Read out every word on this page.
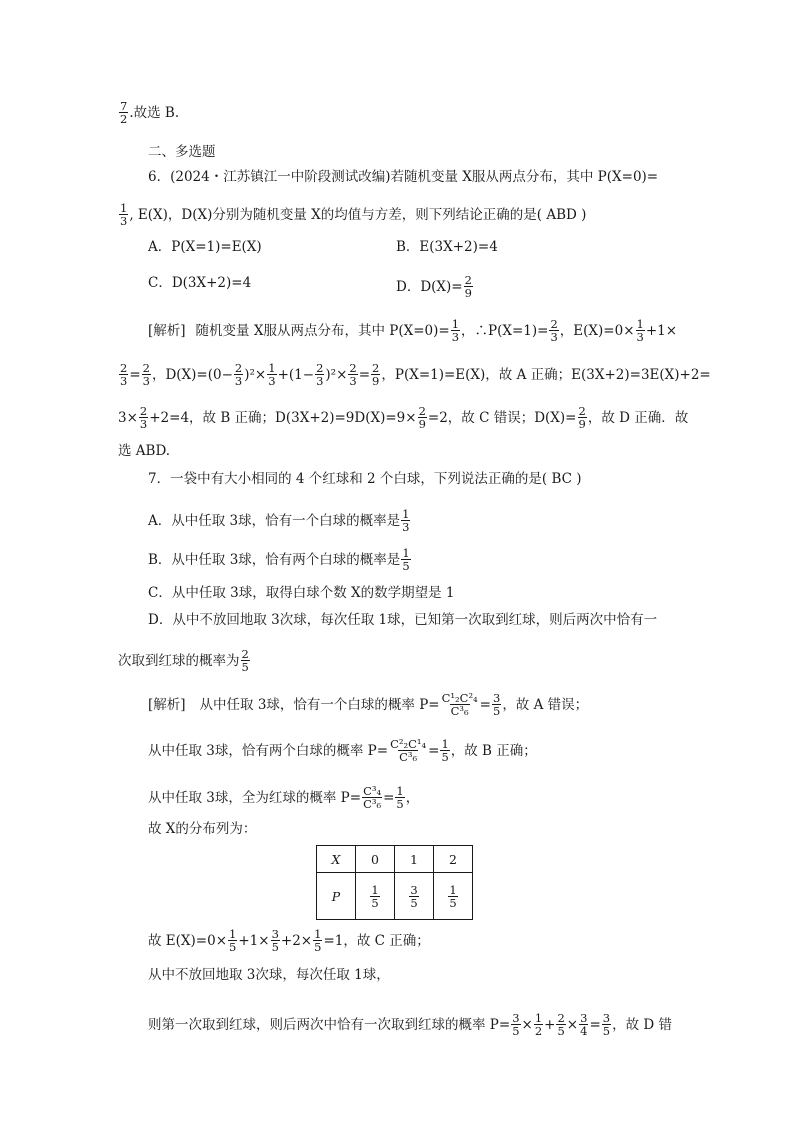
$\frac{7}{2}$ .故选 B.
二、多选题
6．(2024・江苏镇江一中阶段测试改编)若随机变量 X服从两点分布，其中 P(X=0)=
$\frac{1}{3}$ , E(X)，D(X)分别为随机变量 X的均值与方差，则下列结论正确的是( ABD )
A．P(X=1)=E(X)	B．E(3X+2)=4
C．D(3X+2)=4	D．$D(X)= \frac{2}{9}$
[解析] 随机变量 X服从两点分布，其中 $P(X=0)= \frac{1}{3}$ ，∴P(X=1)= $\frac{2}{3}$ ，$E(X)=0\times \frac{1}{3} +1\times$
$\frac{2}{3} = \frac{2}{3}$ ，$D(X)=(0- \frac{2}{3} )^2\times \frac{1}{3} +(1- \frac{2}{3} )^2\times \frac{2}{3} = \frac{2}{9}$ ，P(X=1)=E(X)，故 A 正确 ；E(3X+2)=3E(X)+2=
$3\times \frac{2}{3} +2=4$，故 B 正确；$D(3X+2)=9D(X)=9\times \frac{2}{9} =2$，故 C 错误；$D(X)= \frac{2}{9}$ ，故 D 正确．故
选 ABD.
7．一袋中有大小相同的 4 个红球和 2 个白球，下列说法正确的是( BC )
A．从中任取 3球，恰有一个白球的概率是 $\frac{1}{3}$
B．从中任取 3球，恰有两个白球的概率是 $\frac{1}{5}$
C．从中任取 3球，取得白球个数 X的数学期望是 1
D．从中不放回地取 3次球，每次任取 1球，已知第一次取到红球，则后两次中恰有一
次取到红球的概率为 $\frac{2}{5}$
[解析] 从中任取 3球，恰有一个白球的概率 $P= \frac{\text{C¹₂C²₄}}{\text{C³₆}} = \frac{3}{5}$ ，故 A 错误；
从中任取 3球，恰有两个白球的概率 $P= \frac{\text{C²₂C¹₄}}{\text{C³₆}} = \frac{1}{5}$ ，故 B 正确；
从中任取 3球，全为红球的概率 $P= \frac{\text{C³₄}}{\text{C³₆}} = \frac{1}{5}$ ，
故 X的分布列为：
X	0	1	2
P	$\frac{1}{5}$	$\frac{3}{5}$	$\frac{1}{5}$
故 $E(X)=0\times \frac{1}{5} +1\times \frac{3}{5} +2\times \frac{1}{5} =1$，故 C 正确；
从中不放回地取 3次球，每次任取 1球，
则第一次取到红球，则后两次中恰有一次取到红球的概率 $P= \frac{3}{5} \times \frac{1}{2} + \frac{2}{5} \times \frac{3}{4} = \frac{3}{5}$ ，故 D 错
